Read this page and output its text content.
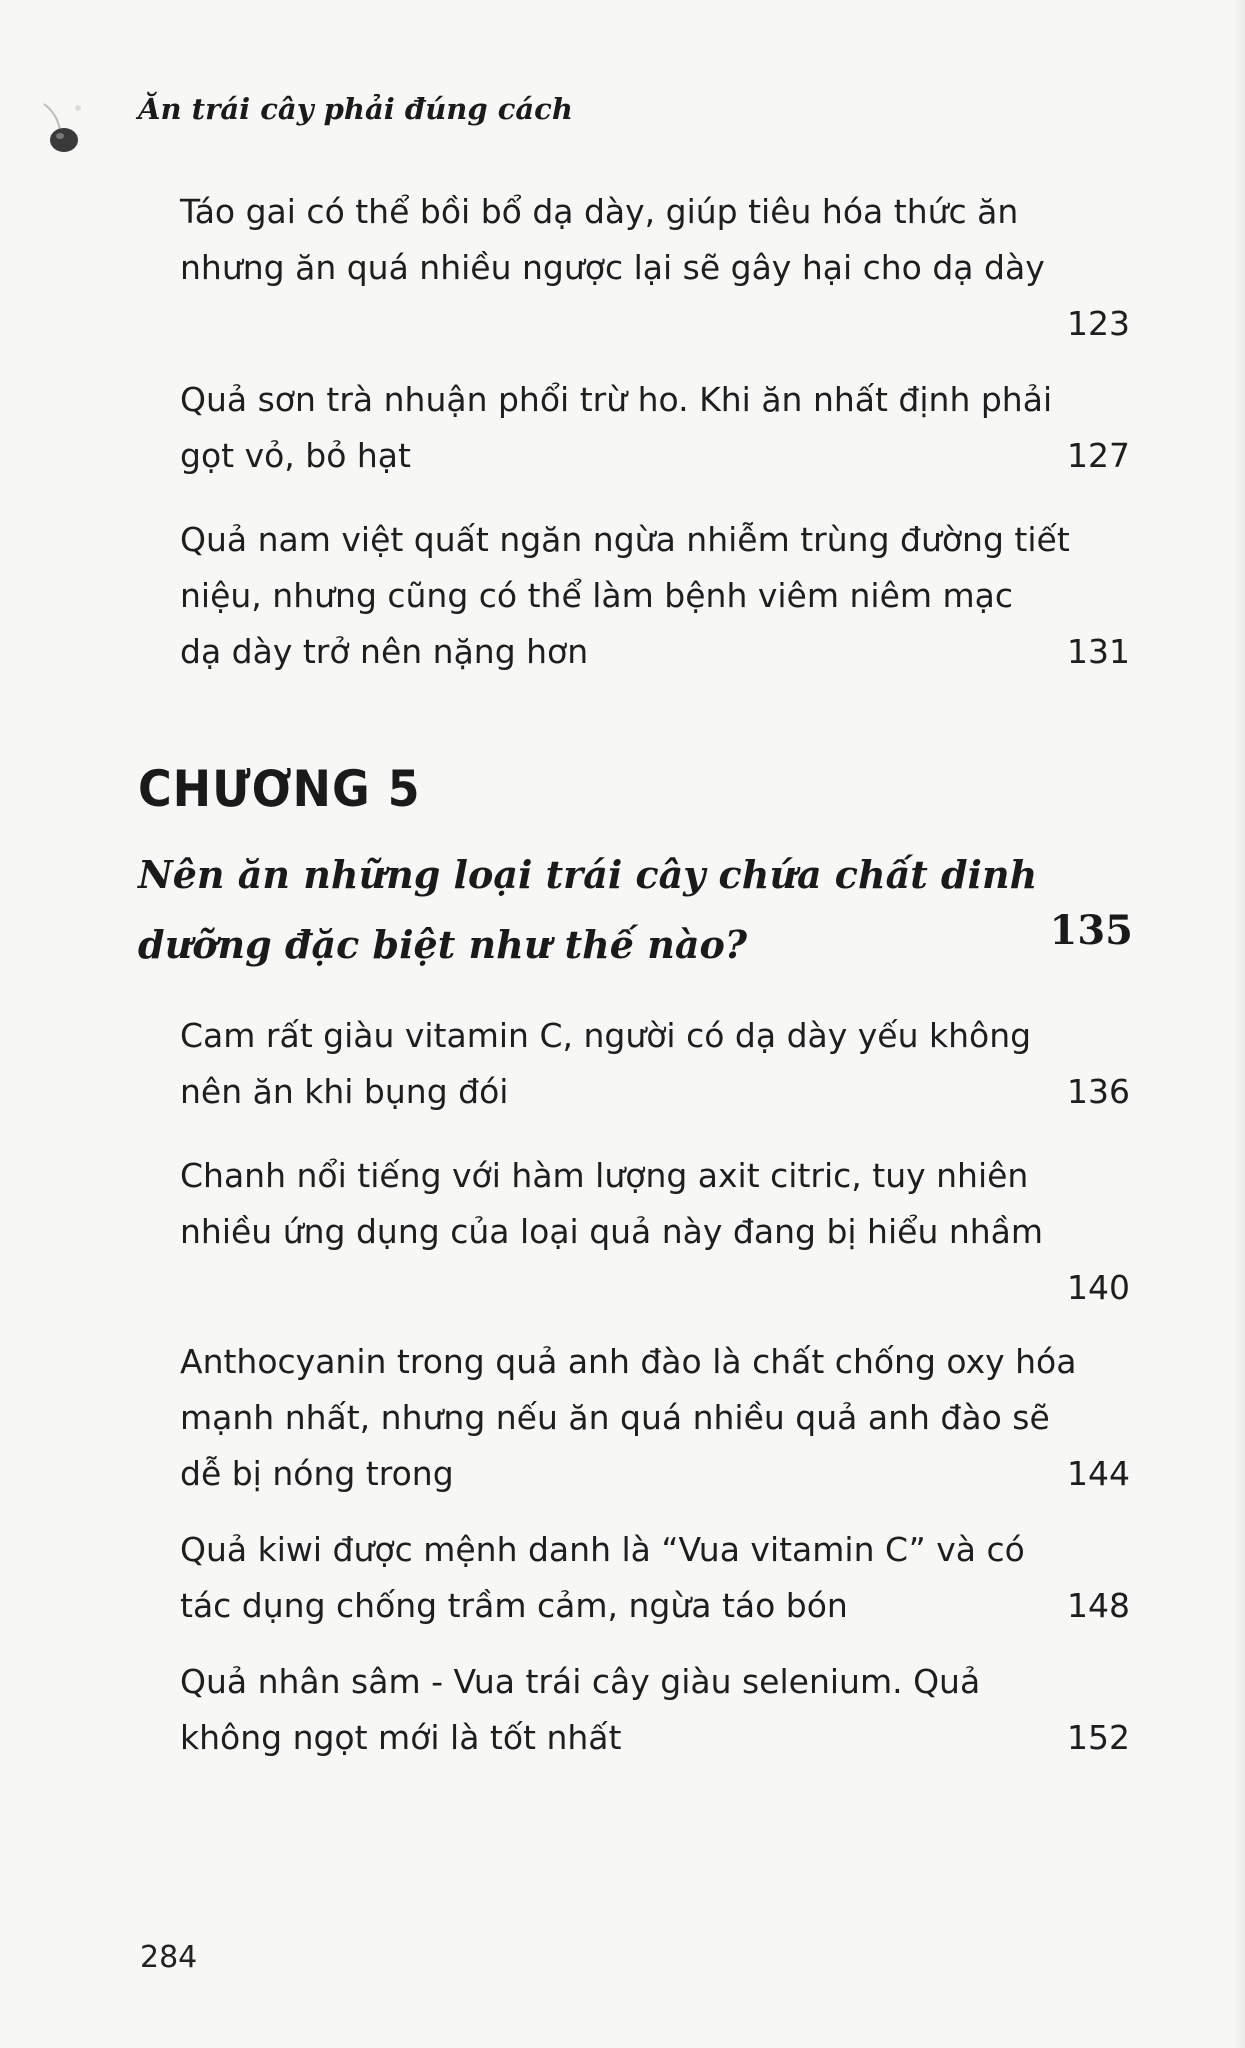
Ăn trái cây phải đúng cách
Táo gai có thể bồi bổ dạ dày, giúp tiêu hóa thức ăn
nhưng ăn quá nhiều ngược lại sẽ gây hại cho dạ dày
123
Quả sơn trà nhuận phổi trừ ho. Khi ăn nhất định phải
gọt vỏ, bỏ hạt	127
Quả nam việt quất ngăn ngừa nhiễm trùng đường tiết
niệu, nhưng cũng có thể làm bệnh viêm niêm mạc
dạ dày trở nên nặng hơn	131
CHƯƠNG 5
Nên ăn những loại trái cây chứa chất dinh
dưỡng đặc biệt như thế nào?	135
Cam rất giàu vitamin C, người có dạ dày yếu không
nên ăn khi bụng đói	136
Chanh nổi tiếng với hàm lượng axit citric, tuy nhiên
nhiều ứng dụng của loại quả này đang bị hiểu nhầm
140
Anthocyanin trong quả anh đào là chất chống oxy hóa
mạnh nhất, nhưng nếu ăn quá nhiều quả anh đào sẽ
dễ bị nóng trong	144
Quả kiwi được mệnh danh là “Vua vitamin C” và có
tác dụng chống trầm cảm, ngừa táo bón	148
Quả nhân sâm - Vua trái cây giàu selenium. Quả
không ngọt mới là tốt nhất	152
284
